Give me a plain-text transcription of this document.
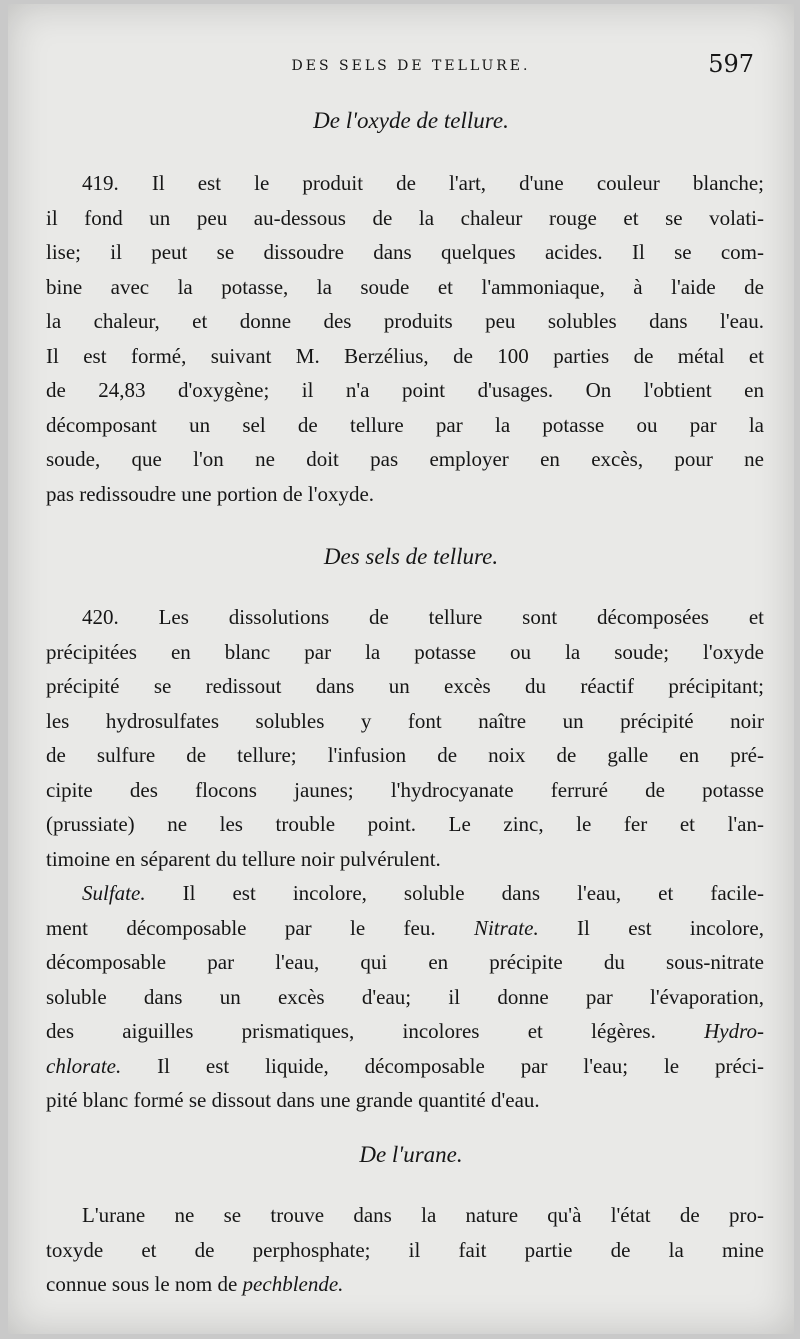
DES SELS DE TELLURE.	597
De l'oxyde de tellure.
419. Il est le produit de l'art, d'une couleur blanche;
il fond un peu au-dessous de la chaleur rouge et se volati-
lise; il peut se dissoudre dans quelques acides. Il se com-
bine avec la potasse, la soude et l'ammoniaque, à l'aide de
la chaleur, et donne des produits peu solubles dans l'eau.
Il est formé, suivant M. Berzélius, de 100 parties de métal et
de 24,83 d'oxygène; il n'a point d'usages. On l'obtient en
décomposant un sel de tellure par la potasse ou par la
soude, que l'on ne doit pas employer en excès, pour ne
pas redissoudre une portion de l'oxyde.
Des sels de tellure.
420. Les dissolutions de tellure sont décomposées et
précipitées en blanc par la potasse ou la soude; l'oxyde
précipité se redissout dans un excès du réactif précipitant;
les hydrosulfates solubles y font naître un précipité noir
de sulfure de tellure; l'infusion de noix de galle en pré-
cipite des flocons jaunes; l'hydrocyanate ferruré de potasse
(prussiate) ne les trouble point. Le zinc, le fer et l'an-
timoine en séparent du tellure noir pulvérulent.
Sulfate. Il est incolore, soluble dans l'eau, et facile-
ment décomposable par le feu. Nitrate. Il est incolore,
décomposable par l'eau, qui en précipite du sous-nitrate
soluble dans un excès d'eau; il donne par l'évaporation,
des aiguilles prismatiques, incolores et légères. Hydro-
chlorate. Il est liquide, décomposable par l'eau; le préci-
pité blanc formé se dissout dans une grande quantité d'eau.
De l'urane.
L'urane ne se trouve dans la nature qu'à l'état de pro-
toxyde et de perphosphate; il fait partie de la mine
connue sous le nom de pechblende.
